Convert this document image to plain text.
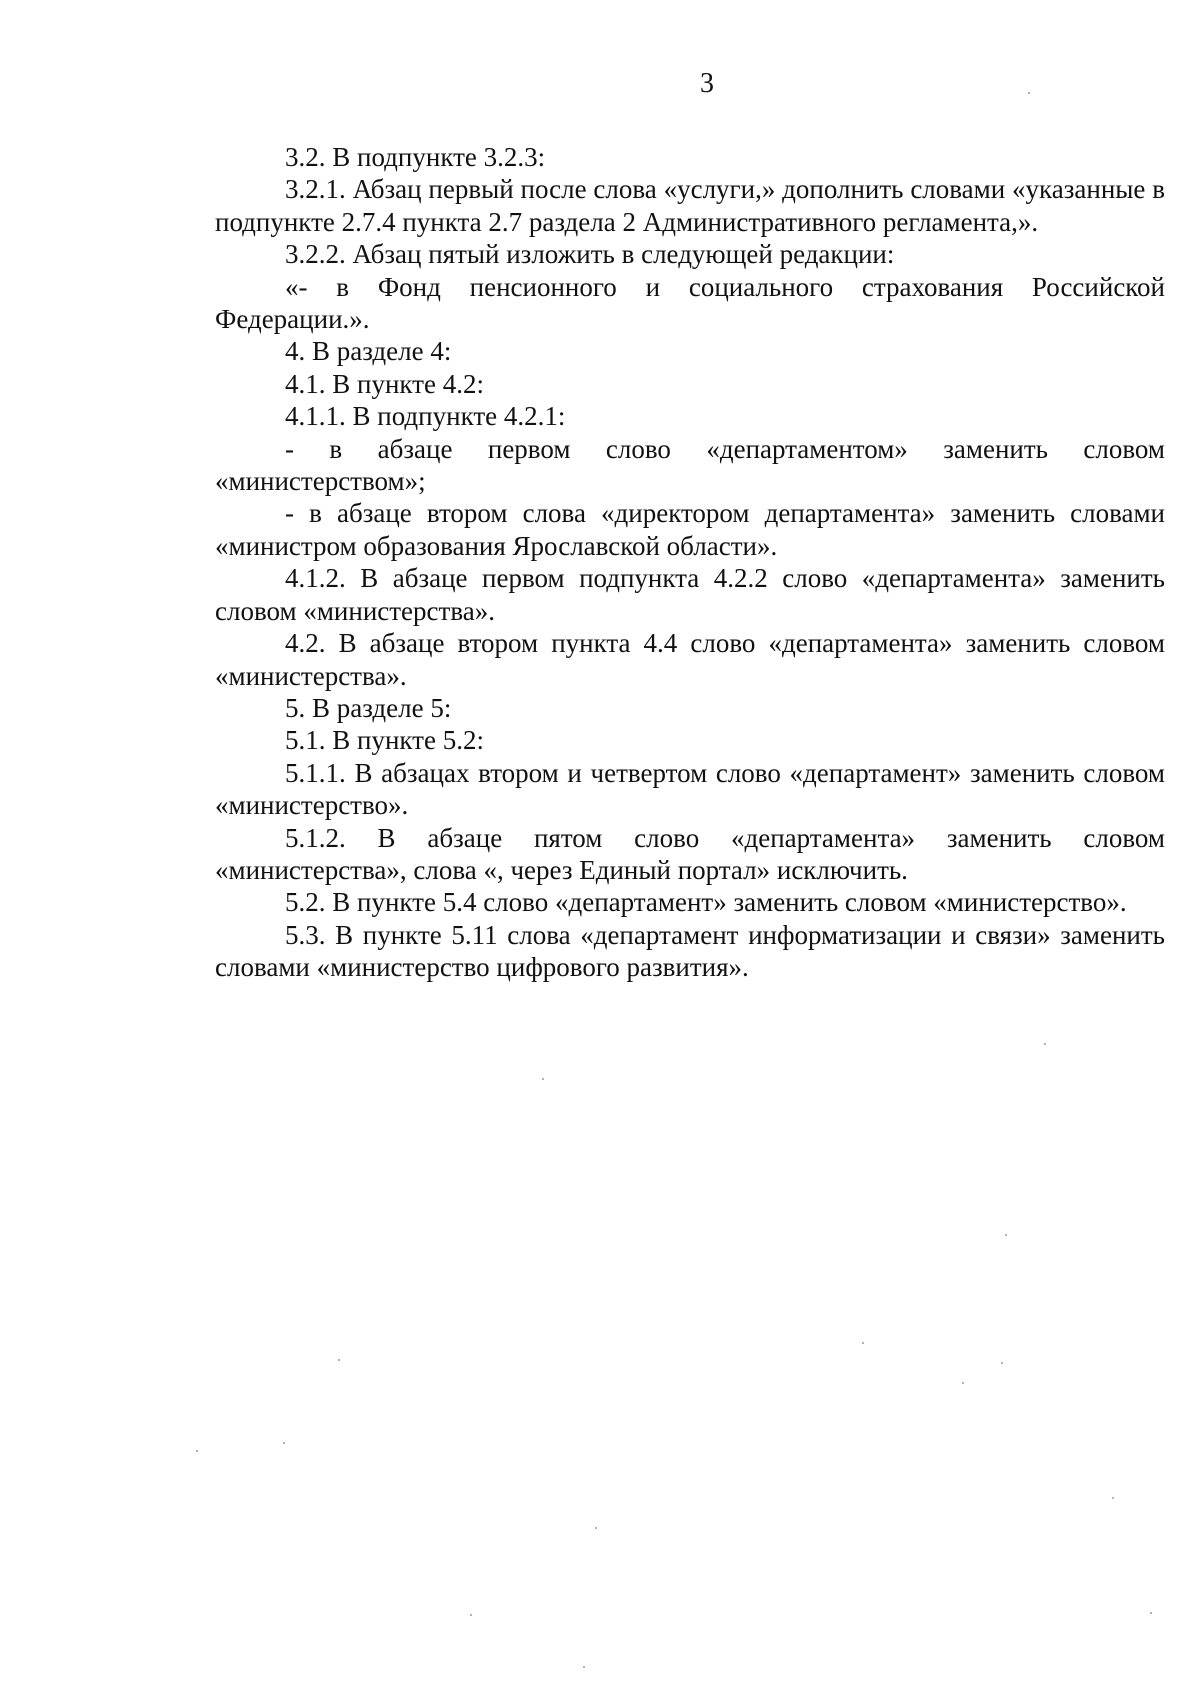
3

3.2. В подпункте 3.2.3:

3.2.1. Абзац первый после слова «услуги,» дополнить словами «указанные в подпункте 2.7.4 пункта 2.7 раздела 2 Административного регламента,».

3.2.2. Абзац пятый изложить в следующей редакции:

«- в Фонд пенсионного и социального страхования Российской Федерации.».

4. В разделе 4:

4.1. В пункте 4.2:

4.1.1. В подпункте 4.2.1:

- в абзаце первом слово «департаментом» заменить словом «министерством»;

- в абзаце втором слова «директором департамента» заменить словами «министром образования Ярославской области».

4.1.2. В абзаце первом подпункта 4.2.2 слово «департамента» заменить словом «министерства».

4.2. В абзаце втором пункта 4.4 слово «департамента» заменить словом «министерства».

5. В разделе 5:

5.1. В пункте 5.2:

5.1.1. В абзацах втором и четвертом слово «департамент» заменить словом «министерство».

5.1.2. В абзаце пятом слово «департамента» заменить словом «министерства», слова «, через Единый портал» исключить.

5.2. В пункте 5.4 слово «департамент» заменить словом «министерство».

5.3. В пункте 5.11 слова «департамент информатизации и связи» заменить словами «министерство цифрового развития».
